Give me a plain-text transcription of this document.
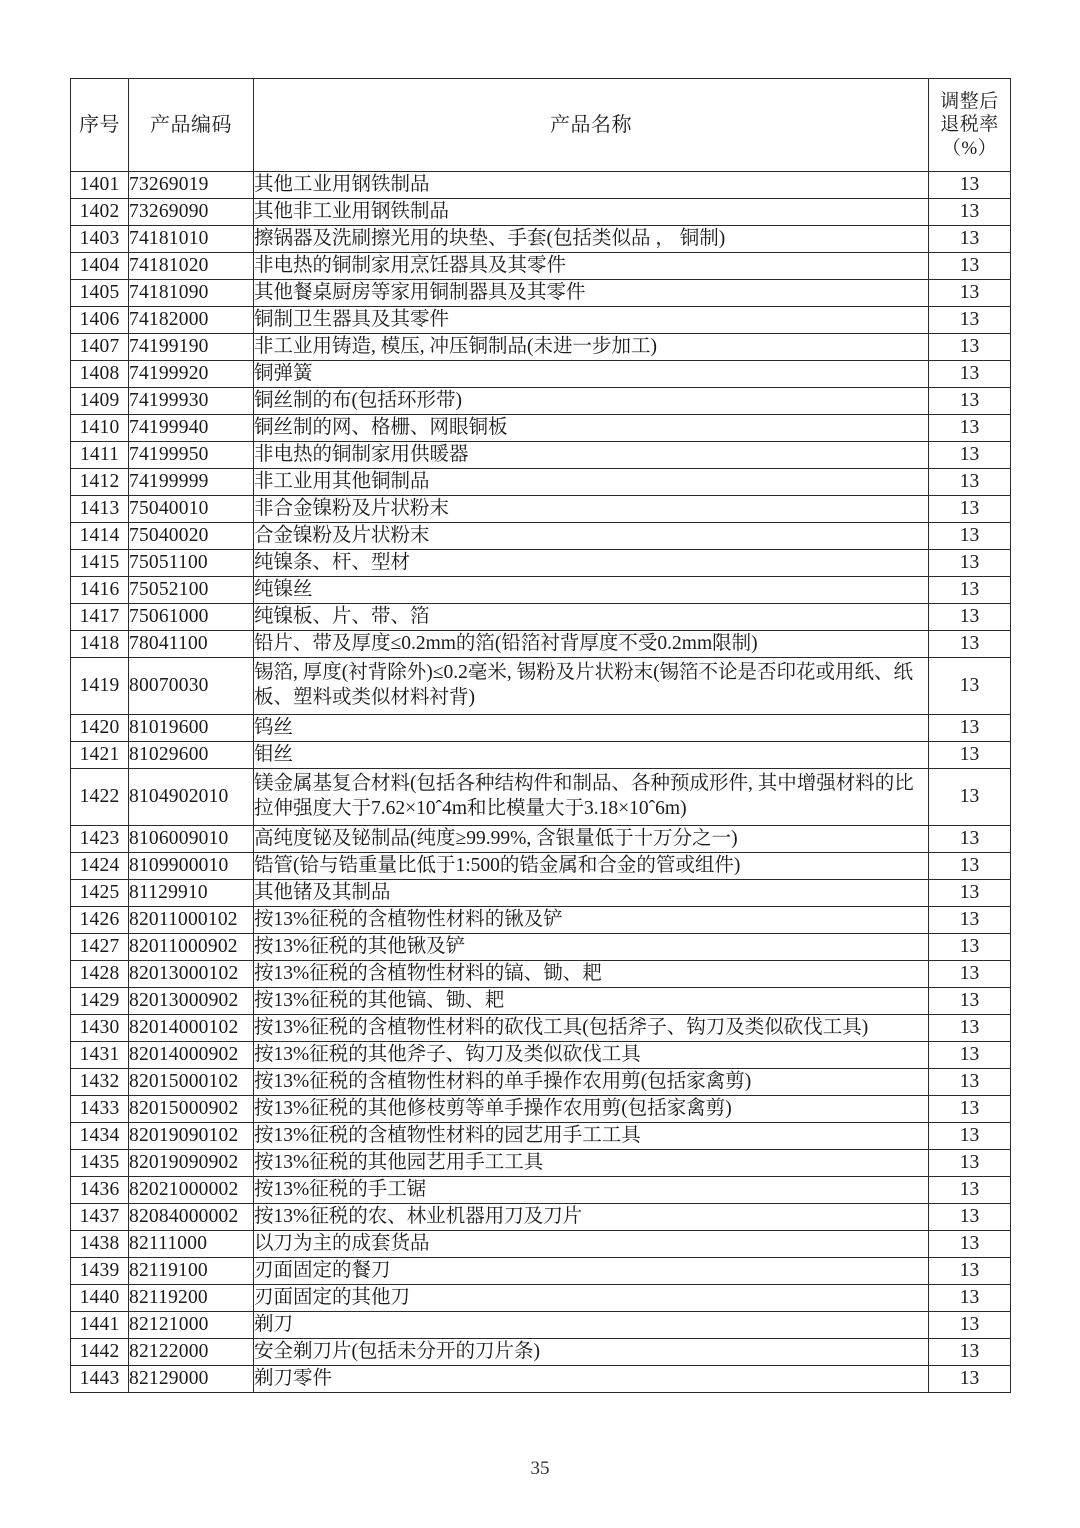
序号	产品编码	产品名称	调整后
退税率
（%）

1401	73269019	其他工业用钢铁制品	13
1402	73269090	其他非工业用钢铁制品	13
1403	74181010	擦锅器及洗刷擦光用的块垫、手套(包括类似品 ， 铜制)	13
1404	74181020	非电热的铜制家用烹饪器具及其零件	13
1405	74181090	其他餐桌厨房等家用铜制器具及其零件	13
1406	74182000	铜制卫生器具及其零件	13
1407	74199190	非工业用铸造, 模压, 冲压铜制品(未进一步加工)	13
1408	74199920	铜弹簧	13
1409	74199930	铜丝制的布(包括环形带)	13
1410	74199940	铜丝制的网、格栅、网眼铜板	13
1411	74199950	非电热的铜制家用供暖器	13
1412	74199999	非工业用其他铜制品	13
1413	75040010	非合金镍粉及片状粉末	13
1414	75040020	合金镍粉及片状粉末	13
1415	75051100	纯镍条、杆、型材	13
1416	75052100	纯镍丝	13
1417	75061000	纯镍板、片、带、箔	13
1418	78041100	铅片、带及厚度≤0.2mm的箔(铅箔衬背厚度不受0.2mm限制)	13
1419	80070030	锡箔, 厚度(衬背除外)≤0.2毫米, 锡粉及片状粉末(锡箔不论是否印花或用纸、纸板、塑料或类似材料衬背)	13
1420	81019600	钨丝	13
1421	81029600	钼丝	13
1422	8104902010	镁金属基复合材料(包括各种结构件和制品、各种预成形件, 其中增强材料的比拉伸强度大于7.62×10ˆ4m和比模量大于3.18×10ˆ6m)	13
1423	8106009010	高纯度铋及铋制品(纯度≥99.99%, 含银量低于十万分之一)	13
1424	8109900010	锆管(铪与锆重量比低于1:500的锆金属和合金的管或组件)	13
1425	81129910	其他锗及其制品	13
1426	82011000102	按13%征税的含植物性材料的锹及铲	13
1427	82011000902	按13%征税的其他锹及铲	13
1428	82013000102	按13%征税的含植物性材料的镐、锄、耙	13
1429	82013000902	按13%征税的其他镐、锄、耙	13
1430	82014000102	按13%征税的含植物性材料的砍伐工具(包括斧子、钩刀及类似砍伐工具)	13
1431	82014000902	按13%征税的其他斧子、钩刀及类似砍伐工具	13
1432	82015000102	按13%征税的含植物性材料的单手操作农用剪(包括家禽剪)	13
1433	82015000902	按13%征税的其他修枝剪等单手操作农用剪(包括家禽剪)	13
1434	82019090102	按13%征税的含植物性材料的园艺用手工工具	13
1435	82019090902	按13%征税的其他园艺用手工工具	13
1436	82021000002	按13%征税的手工锯	13
1437	82084000002	按13%征税的农、林业机器用刀及刀片	13
1438	82111000	以刀为主的成套货品	13
1439	82119100	刃面固定的餐刀	13
1440	82119200	刃面固定的其他刀	13
1441	82121000	剃刀	13
1442	82122000	安全剃刀片(包括未分开的刀片条)	13
1443	82129000	剃刀零件	13
35
